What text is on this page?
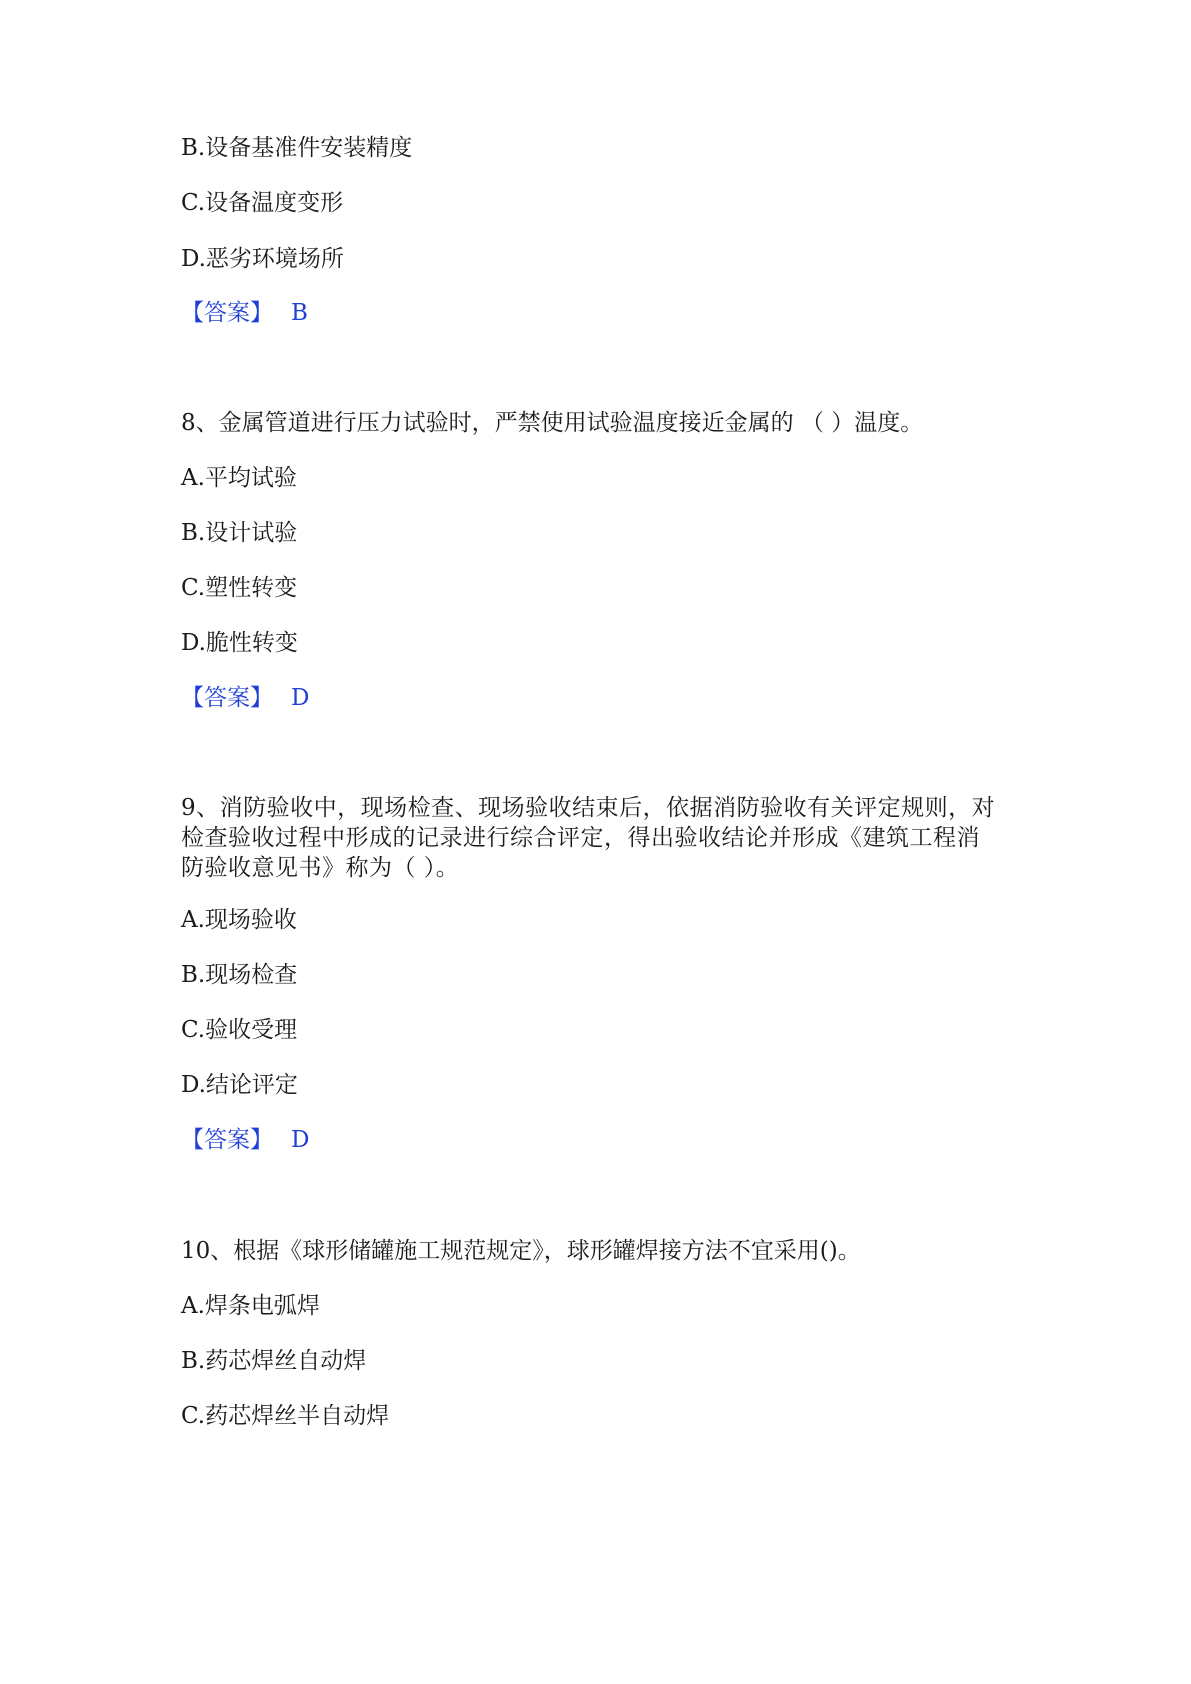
B.设备基准件安装精度
C.设备温度变形
D.恶劣环境场所
【答案】 B
8、金属管道进行压力试验时，严禁使用试验温度接近金属的 （ ）温度。
A.平均试验
B.设计试验
C.塑性转变
D.脆性转变
【答案】 D
9、消防验收中，现场检查、现场验收结束后，依据消防验收有关评定规则，对
检查验收过程中形成的记录进行综合评定，得出验收结论并形成《建筑工程消
防验收意见书》称为（ ）。
A.现场验收
B.现场检查
C.验收受理
D.结论评定
【答案】 D
10、根据《球形储罐施工规范规定》，球形罐焊接方法不宜采用()。
A.焊条电弧焊
B.药芯焊丝自动焊
C.药芯焊丝半自动焊
